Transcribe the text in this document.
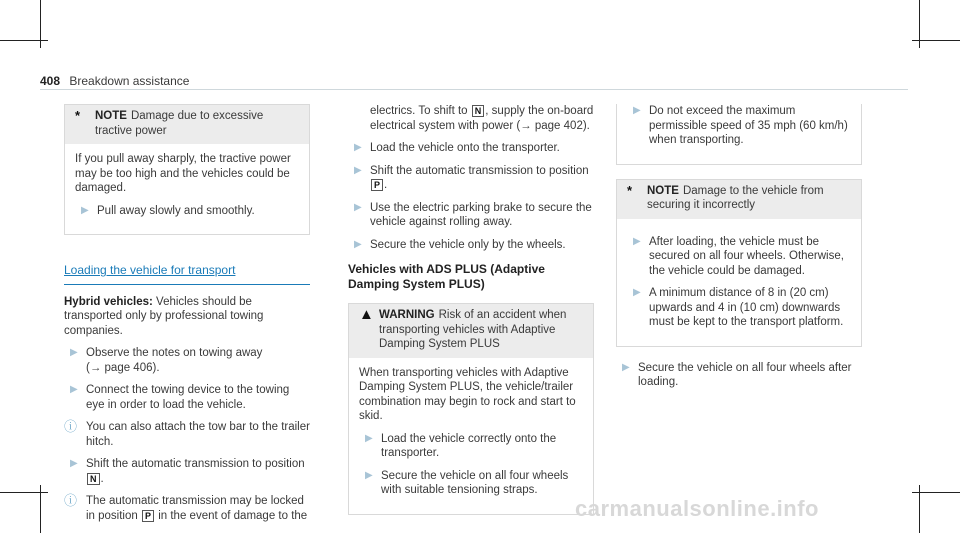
408 Breakdown assistance
*	NOTE Damage due to excessive tractive power

If you pull away sharply, the tractive power may be too high and the vehicles could be damaged.

▶ Pull away slowly and smoothly.
Loading the vehicle for transport

Hybrid vehicles: Vehicles should be transported only by professional towing companies.

▶ Observe the notes on towing away
(→ page 406).
▶ Connect the towing device to the towing eye in order to load the vehicle.
ⓘ You can also attach the tow bar to the trailer hitch.
▶ Shift the automatic transmission to position
N .
ⓘ The automatic transmission may be locked in position P in the event of damage to the
electrics. To shift to N , supply the on-board electrical system with power (→ page 402).
▶ Load the vehicle onto the transporter.
▶ Shift the automatic transmission to position
P .
▶ Use the electric parking brake to secure the vehicle against rolling away.
▶ Secure the vehicle only by the wheels.
Vehicles with ADS PLUS (Adaptive Damping System PLUS)
▲ WARNING Risk of an accident when transporting vehicles with Adaptive Damping System PLUS

When transporting vehicles with Adaptive Damping System PLUS, the vehicle/trailer combination may begin to rock and start to skid.

▶ Load the vehicle correctly onto the transporter.
▶ Secure the vehicle on all four wheels with suitable tensioning straps.
▶ Do not exceed the maximum permissible speed of 35 mph (60 km/h) when transporting.
*	NOTE Damage to the vehicle from securing it incorrectly
▶ After loading, the vehicle must be secured on all four wheels. Otherwise, the vehicle could be damaged.
▶ A minimum distance of 8 in (20 cm) upwards and 4 in (10 cm) downwards must be kept to the transport platform.
▶ Secure the vehicle on all four wheels after loading.
carmanualsonline.info
